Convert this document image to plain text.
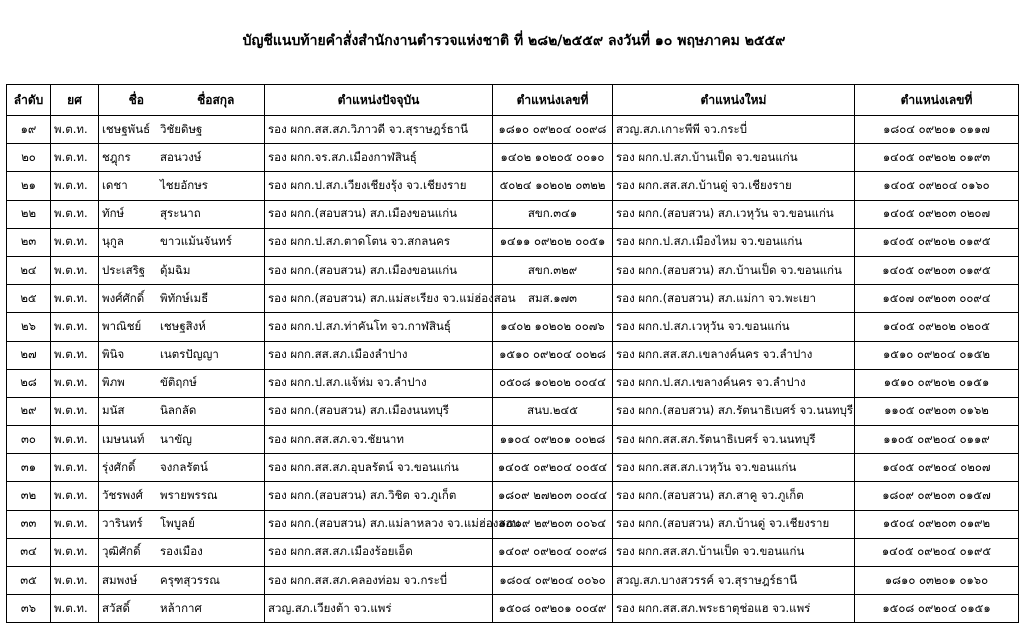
บัญชีแนบท้ายคำสั่งสำนักงานตำรวจแห่งชาติ ที่ ๒๘๒/๒๕๕๙ ลงวันที่ ๑๐ พฤษภาคม ๒๕๕๙
ลำดับ	ยศ	ชื่อ ชื่อสกุล	ตำแหน่งปัจจุบัน	ตำแหน่งเลขที่	ตำแหน่งใหม่	ตำแหน่งเลขที่
๑๙	พ.ต.ท.	เชษฐพันธ์ วิชัยดิษฐ	รอง ผกก.สส.สภ.วิภาวดี จว.สุราษฎร์ธานี	๑๘๑๐ ๐๙๒๐๔ ๐๐๙๘	สวญ.สภ.เกาะพีพี จว.กระบี่	๑๘๐๔ ๐๙๒๐๑ ๐๑๑๗
๒๐	พ.ต.ท.	ชฎุกร สอนวงษ์	รอง ผกก.จร.สภ.เมืองกาฬสินธุ์	๑๔๐๒ ๑๐๒๐๕ ๐๐๑๐	รอง ผกก.ป.สภ.บ้านเป็ด จว.ขอนแก่น	๑๔๐๕ ๐๙๒๐๒ ๐๑๙๓
๒๑	พ.ต.ท.	เดชา ไชยอักษร	รอง ผกก.ป.สภ.เวียงเชียงรุ้ง จว.เชียงราย	๕๐๒๔ ๑๐๒๐๒ ๐๓๒๒	รอง ผกก.สส.สภ.บ้านดู่ จว.เชียงราย	๑๔๐๕ ๐๙๒๐๔ ๐๑๖๐
๒๒	พ.ต.ท.	ทักษ์ สุระนาถ	รอง ผกก.(สอบสวน) สภ.เมืองขอนแก่น	สขก.๓๔๑	รอง ผกก.(สอบสวน) สภ.เวหุวัน จว.ขอนแก่น	๑๔๐๕ ๐๙๒๐๓ ๐๒๐๗
๒๓	พ.ต.ท.	นุกูล ขาวแม้นจันทร์	รอง ผกก.ป.สภ.ตาดโตน จว.สกลนคร	๑๔๑๑ ๐๙๒๐๒ ๐๐๕๑	รอง ผกก.ป.สภ.เมืองไหม จว.ขอนแก่น	๑๔๐๕ ๐๙๒๐๒ ๐๑๙๕
๒๔	พ.ต.ท.	ประเสริฐ ดุ้มฉิม	รอง ผกก.(สอบสวน) สภ.เมืองขอนแก่น	สขก.๓๒๙	รอง ผกก.(สอบสวน) สภ.บ้านเป็ด จว.ขอนแก่น	๑๔๐๕ ๐๙๒๐๓ ๐๑๙๕
๒๕	พ.ต.ท.	พงศ์ศักดิ์ พิทักษ์เมธี	รอง ผกก.(สอบสวน) สภ.แม่สะเรียง จว.แม่ฮ่องสอน	สมส.๑๗๓	รอง ผกก.(สอบสวน) สภ.แม่กา จว.พะเยา	๑๕๐๗ ๐๙๒๐๓ ๐๐๙๔
๒๖	พ.ต.ท.	พาณิชย์ เชษฐสิงห์	รอง ผกก.ป.สภ.ท่าคันโท จว.กาฬสินธุ์	๑๔๐๒ ๑๐๒๐๒ ๐๐๗๖	รอง ผกก.ป.สภ.เวหุวัน จว.ขอนแก่น	๑๔๐๕ ๐๙๒๐๒ ๐๒๐๕
๒๗	พ.ต.ท.	พินิจ เนตรปัญญา	รอง ผกก.สส.สภ.เมืองลำปาง	๑๕๑๐ ๐๙๒๐๔ ๐๐๒๘	รอง ผกก.สส.สภ.เขลางค์นคร จว.ลำปาง	๑๕๑๐ ๐๙๒๐๔ ๐๑๕๒
๒๘	พ.ต.ท.	พิภพ ขัติฤกษ์	รอง ผกก.ป.สภ.แจ้ห่ม จว.ลำปาง	๐๕๐๘ ๑๐๒๐๒ ๐๐๔๔	รอง ผกก.ป.สภ.เขลางค์นคร จว.ลำปาง	๑๕๑๐ ๐๙๒๐๒ ๐๑๕๑
๒๙	พ.ต.ท.	มนัส นิลกลัด	รอง ผกก.(สอบสวน) สภ.เมืองนนทบุรี	สนบ.๒๔๕	รอง ผกก.(สอบสวน) สภ.รัตนาธิเบศร์ จว.นนทบุรี	๑๑๐๕ ๐๙๒๐๓ ๐๑๖๒
๓๐	พ.ต.ท.	เมษนนท์ นาขัญ	รอง ผกก.สส.สภ.จว.ชัยนาท	๑๑๐๔ ๐๙๒๐๑ ๐๐๒๘	รอง ผกก.สส.สภ.รัตนาธิเบศร์ จว.นนทบุรี	๑๑๐๕ ๐๙๒๐๔ ๐๑๑๙
๓๑	พ.ต.ท.	รุ่งศักดิ์ จงกลรัตน์	รอง ผกก.สส.สภ.อุบลรัตน์ จว.ขอนแก่น	๑๔๐๕ ๐๙๒๐๔ ๐๐๕๔	รอง ผกก.สส.สภ.เวหุวัน จว.ขอนแก่น	๑๔๐๕ ๐๙๒๐๔ ๐๒๐๗
๓๒	พ.ต.ท.	วัชรพงศ์ พรายพรรณ	รอง ผกก.(สอบสวน) สภ.วิชิต จว.ภูเก็ต	๑๘๐๙ ๒๗๒๐๓ ๐๐๔๔	รอง ผกก.(สอบสวน) สภ.สาคู จว.ภูเก็ต	๑๘๐๙ ๐๙๒๐๓ ๐๑๕๗
๓๓	พ.ต.ท.	วารินทร์ โพบูลย์	รอง ผกก.(สอบสวน) สภ.แม่ลาหลวง จว.แม่ฮ่องสอน	๑๕๐๙ ๒๙๒๐๓ ๐๐๖๔	รอง ผกก.(สอบสวน) สภ.บ้านดู่ จว.เชียงราย	๑๕๐๔ ๐๙๒๐๓ ๐๑๙๒
๓๔	พ.ต.ท.	วุฒิศักดิ์ รองเมือง	รอง ผกก.สส.สภ.เมืองร้อยเอ็ด	๑๔๐๙ ๐๙๒๐๔ ๐๐๙๘	รอง ผกก.สส.สภ.บ้านเป็ด จว.ขอนแก่น	๑๔๐๕ ๐๙๒๐๔ ๐๑๙๕
๓๕	พ.ต.ท.	สมพงษ์ ครุฑสุวรรณ	รอง ผกก.สส.สภ.คลองท่อม จว.กระบี่	๑๘๐๔ ๐๙๒๐๔ ๐๐๖๐	สวญ.สภ.บางสวรรค์ จว.สุราษฎร์ธานี	๑๘๑๐ ๐๓๒๐๑ ๐๑๖๐
๓๖	พ.ต.ท.	สวัสดิ์ หล้ากาศ	สวญ.สภ.เวียงต้า จว.แพร่	๑๕๐๘ ๐๙๒๐๑ ๐๐๔๙	รอง ผกก.สส.สภ.พระธาตุช่อแฮ จว.แพร่	๑๕๐๘ ๐๙๒๐๔ ๐๑๕๑
